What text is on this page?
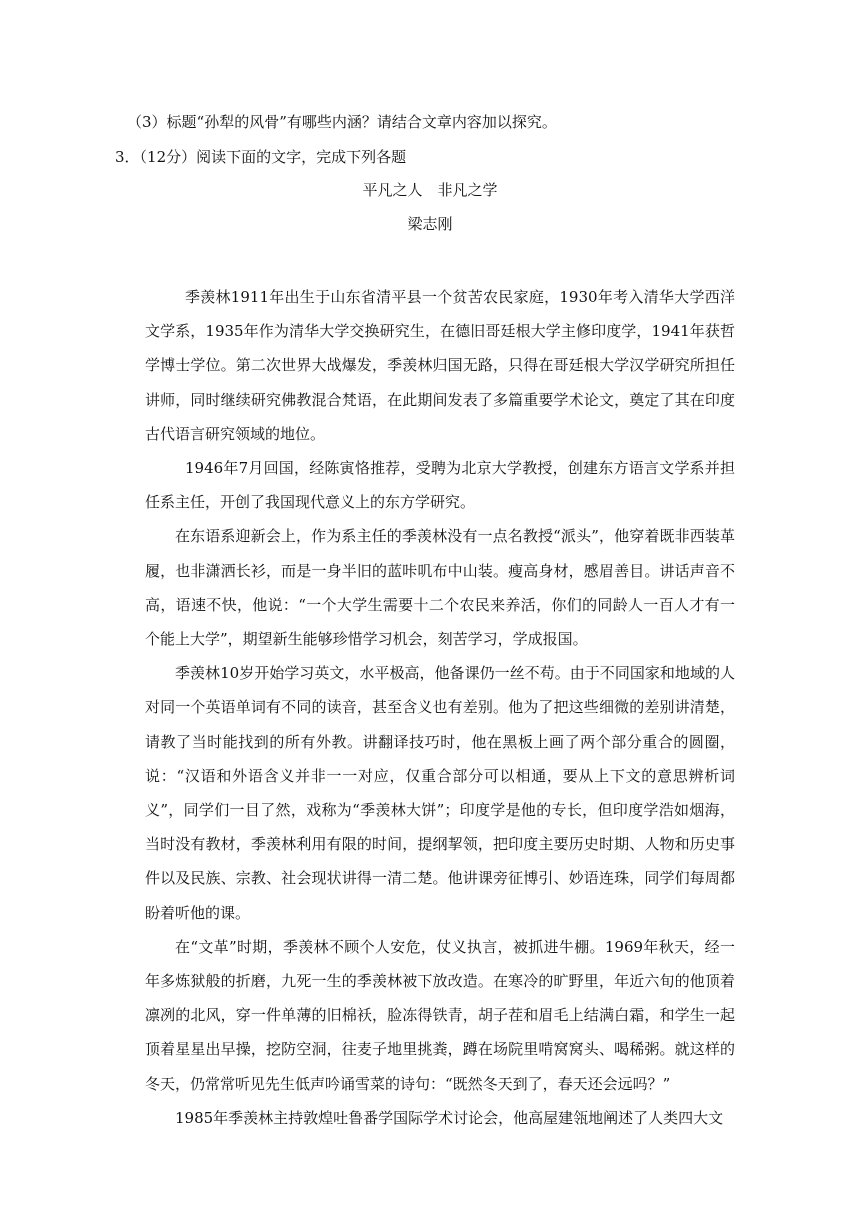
（3）标题“孙犁的风骨”有哪些内涵？请结合文章内容加以探究。
3．（12分）阅读下面的文字，完成下列各题
平凡之人　非凡之学
梁志刚

季羡林1911年出生于山东省清平县一个贫苦农民家庭，1930年考入清华大学西洋文学系，1935年作为清华大学交换研究生，在德旧哥廷根大学主修印度学，1941年获哲学博士学位。第二次世界大战爆发，季羡林归国无路，只得在哥廷根大学汉学研究所担任讲师，同时继续研究佛教混合梵语，在此期间发表了多篇重要学术论文，奠定了其在印度古代语言研究领域的地位。

1946年7月回国，经陈寅恪推荐，受聘为北京大学教授，创建东方语言文学系并担任系主任，开创了我国现代意义上的东方学研究。

在东语系迎新会上，作为系主任的季羡林没有一点名教授“派头”，他穿着既非西装革履，也非潇洒长衫，而是一身半旧的蓝咔叽布中山装。瘦高身材，慼眉善目。讲话声音不高，语速不快，他说：“一个大学生需要十二个农民来养活，你们的同龄人一百人才有一个能上大学”，期望新生能够珍惜学习机会，刻苦学习，学成报国。

季羡林10岁开始学习英文，水平极高，他备课仍一丝不苟。由于不同国家和地域的人对同一个英语单词有不同的读音，甚至含义也有差别。他为了把这些细微的差别讲清楚，请教了当时能找到的所有外教。讲翻译技巧时，他在黑板上画了两个部分重合的圆圈，说：“汉语和外语含义并非一一对应，仅重合部分可以相通，要从上下文的意思辨析词义”，同学们一目了然，戏称为“季羡林大饼”；印度学是他的专长，但印度学浩如烟海，当时没有教材，季羡林利用有限的时间，提纲挈领，把印度主要历史时期、人物和历史事件以及民族、宗教、社会现状讲得一清二楚。他讲课旁征博引、妙语连珠，同学们每周都盼着听他的课。

在“文革”时期，季羡林不顾个人安危，仗义执言，被抓进牛棚。1969年秋天，经一年多炼狱般的折磨，九死一生的季羡林被下放改造。在寒冷的旷野里，年近六旬的他顶着凛冽的北风，穿一件单薄的旧棉袄，脸冻得铁青，胡子茬和眉毛上结满白霜，和学生一起顶着星星出早操，挖防空洞，往麦子地里挑粪，蹲在场院里啃窝窝头、喝稀粥。就这样的冬天，仍常常听见先生低声吟诵雪菜的诗句：“既然冬天到了，春天还会远吗？”

1985年季羡林主持敦煌吐鲁番学国际学术讨论会，他高屋建瓴地阐述了人类四大文
